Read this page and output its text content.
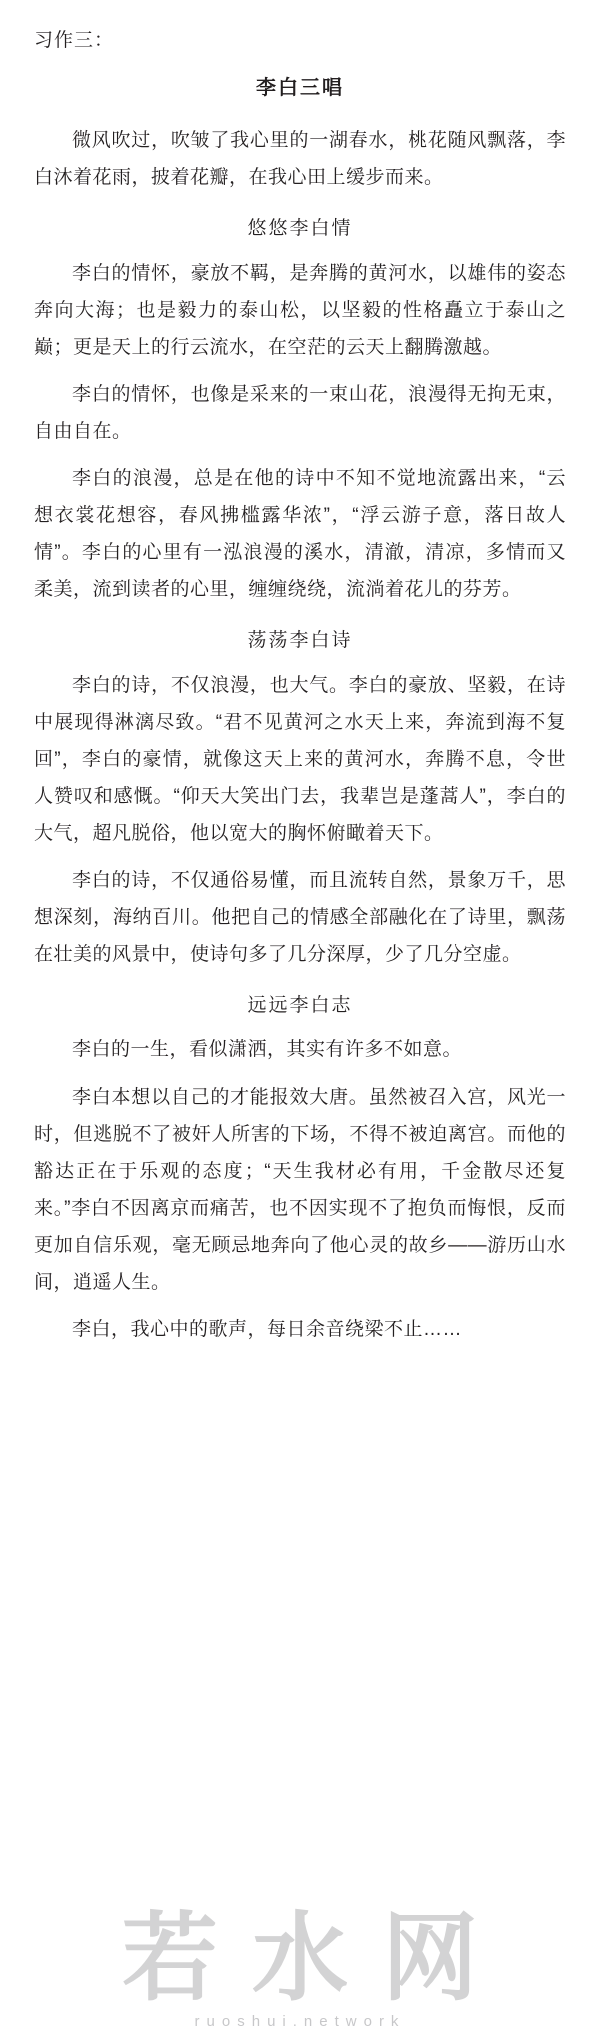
习作三：
李白三唱

微风吹过，吹皱了我心里的一湖春水，桃花随风飘落，李白沐着花雨，披着花瓣，在我心田上缓步而来。

悠悠李白情

李白的情怀，豪放不羁，是奔腾的黄河水，以雄伟的姿态奔向大海；也是毅力的泰山松，以坚毅的性格矗立于泰山之巅；更是天上的行云流水，在空茫的云天上翻腾激越。

李白的情怀，也像是采来的一束山花，浪漫得无拘无束，自由自在。

李白的浪漫，总是在他的诗中不知不觉地流露出来，“云想衣裳花想容，春风拂槛露华浓”，“浮云游子意，落日故人情”。李白的心里有一泓浪漫的溪水，清澈，清凉，多情而又柔美，流到读者的心里，缠缠绕绕，流淌着花儿的芬芳。

荡荡李白诗

李白的诗，不仅浪漫，也大气。李白的豪放、坚毅，在诗中展现得淋漓尽致。“君不见黄河之水天上来，奔流到海不复回”，李白的豪情，就像这天上来的黄河水，奔腾不息，令世人赞叹和感慨。“仰天大笑出门去，我辈岂是蓬蒿人”，李白的大气，超凡脱俗，他以宽大的胸怀俯瞰着天下。

李白的诗，不仅通俗易懂，而且流转自然，景象万千，思想深刻，海纳百川。他把自己的情感全部融化在了诗里，飘荡在壮美的风景中，使诗句多了几分深厚，少了几分空虚。

远远李白志

李白的一生，看似潇洒，其实有许多不如意。

李白本想以自己的才能报效大唐。虽然被召入宫，风光一时，但逃脱不了被奸人所害的下场，不得不被迫离宫。而他的豁达正在于乐观的态度；“天生我材必有用，千金散尽还复来。”李白不因离京而痛苦，也不因实现不了抱负而悔恨，反而更加自信乐观，毫无顾忌地奔向了他心灵的故乡——游历山水间，逍遥人生。

李白，我心中的歌声，每日余音绕梁不止……

若水网
ruoshui.network
